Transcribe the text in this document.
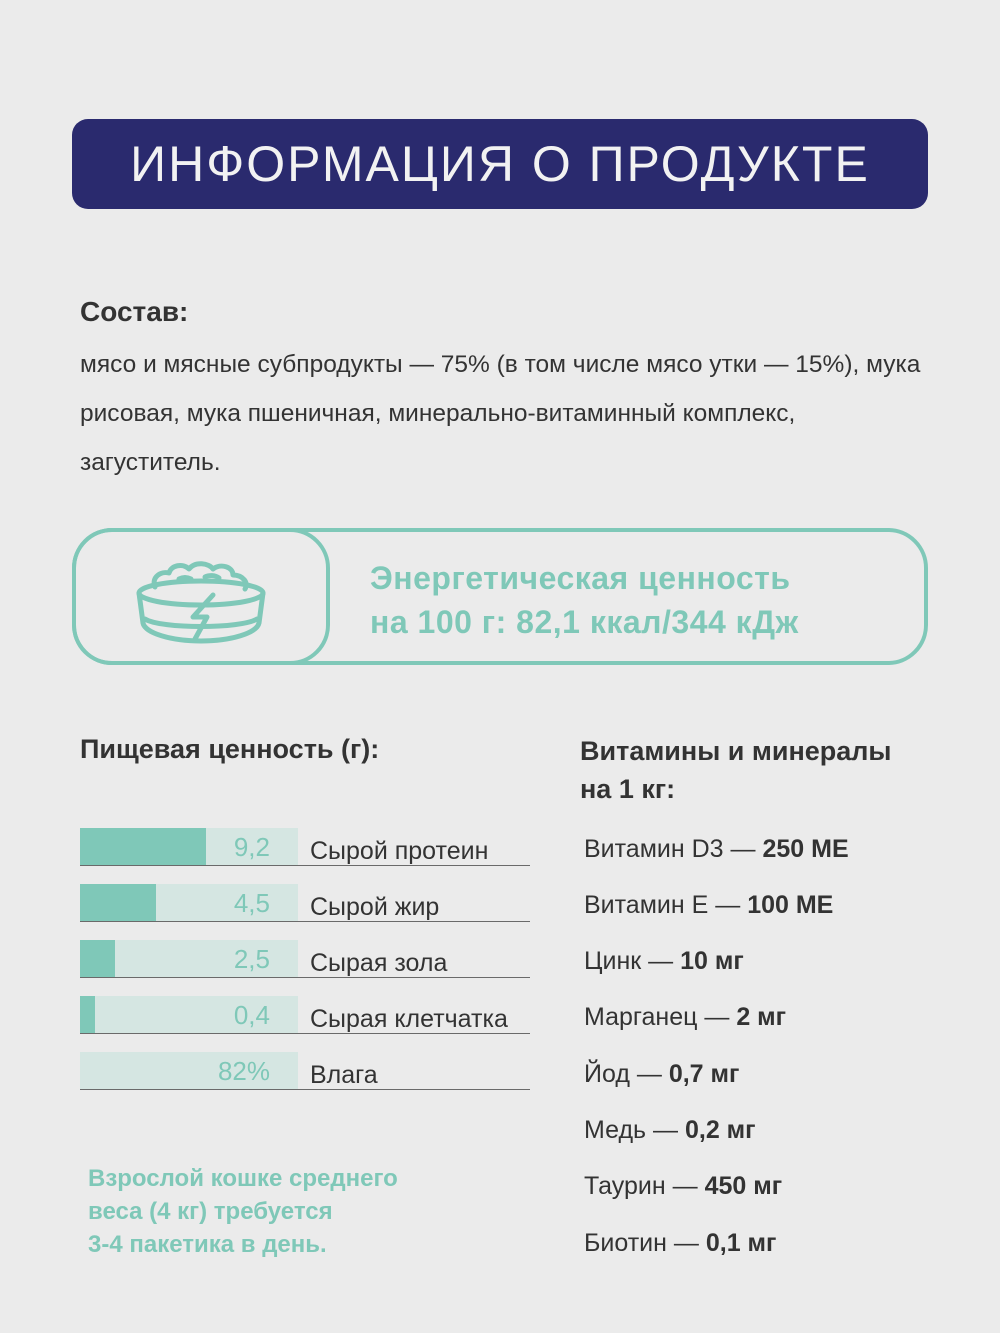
ИНФОРМАЦИЯ О ПРОДУКТЕ
Состав:
мясо и мясные субпродукты — 75% (в том числе мясо утки — 15%), мука рисовая, мука пшеничная, минерально-витаминный комплекс, загуститель.
Энергетическая ценность
на 100 г: 82,1 ккал/344 кДж
Пищевая ценность (г):	Витамины и минералы
на 1 кг:
9,2 Сырой протеин
4,5 Сырой жир
2,5 Сырая зола
0,4 Сырая клетчатка
82% Влага
Витамин D3 — 250 МЕ
Витамин Е — 100 МЕ
Цинк — 10 мг
Марганец — 2 мг
Йод — 0,7 мг
Медь — 0,2 мг
Таурин — 450 мг
Биотин — 0,1 мг
Взрослой кошке среднего
веса (4 кг) требуется
3-4 пакетика в день.
